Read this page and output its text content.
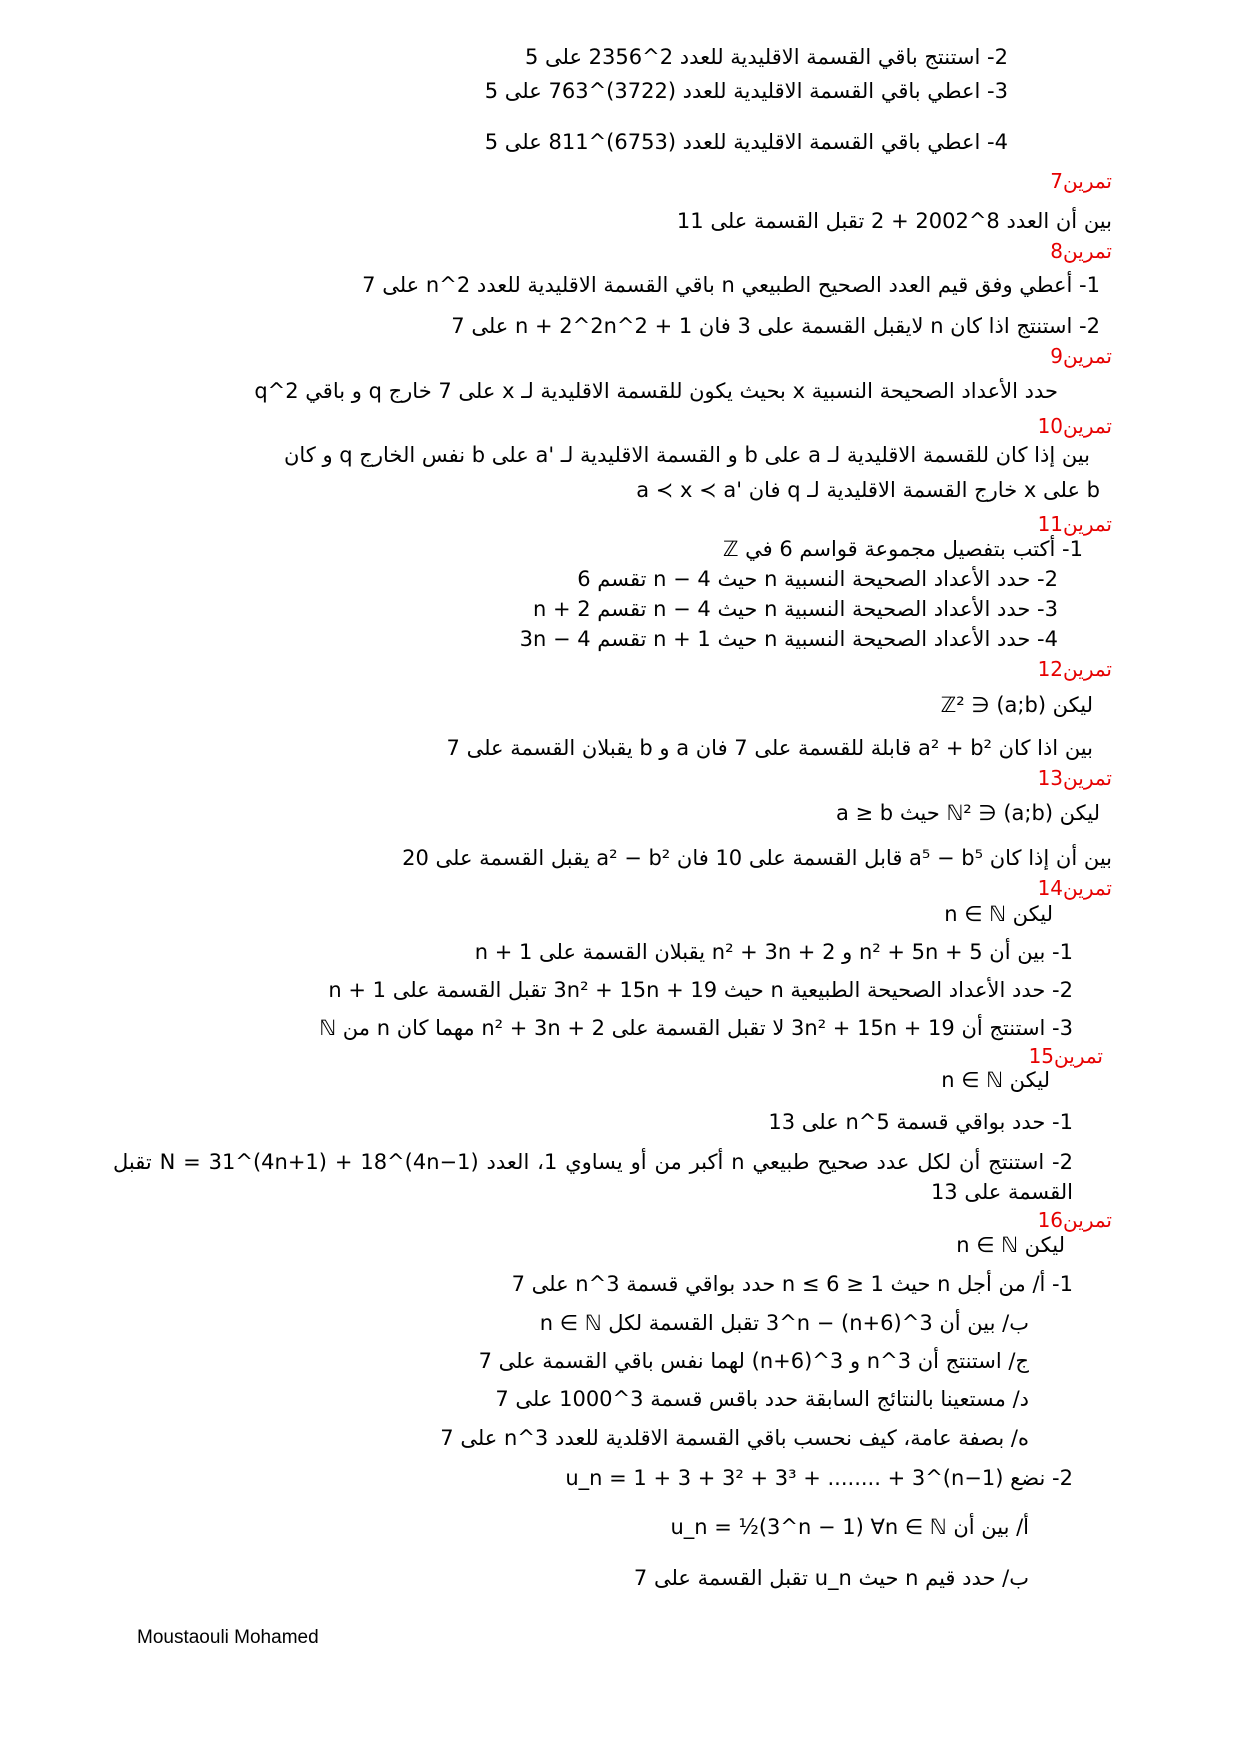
2- استنتج باقي القسمة الاقليدية للعدد 2^2356 على 5
3- اعطي باقي القسمة الاقليدية للعدد (3722)^763 على 5
4- اعطي باقي القسمة الاقليدية للعدد (6753)^811 على 5
تمرين7
بين أن العدد 8^2002 + 2 تقبل القسمة على 11
تمرين8
1- أعطي وفق قيم العدد الصحيح الطبيعي n باقي القسمة الاقليدية للعدد 2^n على 7
2- استنتج اذا كان n لايقبل القسمة على 3 فان 1 + 2^n + 2^2n على 7
تمرين9
حدد الأعداد الصحيحة النسبية x بحيث يكون للقسمة الاقليدية لـ x على 7 خارج q و باقي q^2
تمرين10
بين إذا كان للقسمة الاقليدية لـ a على b و القسمة الاقليدية لـ 'a على b نفس الخارج q و كان
a ≺ x ≺ a' فان q خارج القسمة الاقليدية لـ x على b
تمرين11
1- أكتب بتفصيل مجموعة قواسم 6 في ℤ
2- حدد الأعداد الصحيحة النسبية n حيث n − 4 تقسم 6
3- حدد الأعداد الصحيحة النسبية n حيث n − 4 تقسم n + 2
4- حدد الأعداد الصحيحة النسبية n حيث n + 1 تقسم 3n − 4
تمرين12
ليكن (a;b) ∈ ℤ²
بين اذا كان a² + b² قابلة للقسمة على 7 فان a و b يقبلان القسمة على 7
تمرين13
ليكن (a;b) ∈ ℕ² حيث a ≥ b
بين أن إذا كان a⁵ − b⁵ قابل القسمة على 10 فان a² − b² يقبل القسمة على 20
تمرين14
ليكن n ∈ ℕ
1- بين أن n² + 5n + 5 و n² + 3n + 2 يقبلان القسمة على n + 1
2- حدد الأعداد الصحيحة الطبيعية n حيث 3n² + 15n + 19 تقبل القسمة على n + 1
3- استنتج أن 3n² + 15n + 19 لا تقبل القسمة على n² + 3n + 2 مهما كان n من ℕ
تمرين15
ليكن n ∈ ℕ
1- حدد بواقي قسمة 5^n على 13
2- استنتج أن لكل عدد صحيح طبيعي n أكبر من أو يساوي 1، العدد N = 31^(4n+1) + 18^(4n−1) تقبل القسمة على 13
تمرين16
ليكن n ∈ ℕ
1- أ/ من أجل n حيث 1 ≤ n ≤ 6 حدد بواقي قسمة 3^n على 7
ب/ بين أن 3^(n+6) − 3^n تقبل القسمة لكل n ∈ ℕ
ج/ استنتج أن 3^n و 3^(n+6) لهما نفس باقي القسمة على 7
د/ مستعينا بالنتائج السابقة حدد باقس قسمة 3^1000 على 7
ه/ بصفة عامة، كيف نحسب باقي القسمة الاقلدية للعدد 3^n على 7
2- نضع u_n = 1 + 3 + 3² + 3³ + ........ + 3^(n−1)
أ/ بين أن u_n = ½(3^n − 1) ∀n ∈ ℕ
ب/ حدد قيم n حيث u_n تقبل القسمة على 7
Moustaouli Mohamed
